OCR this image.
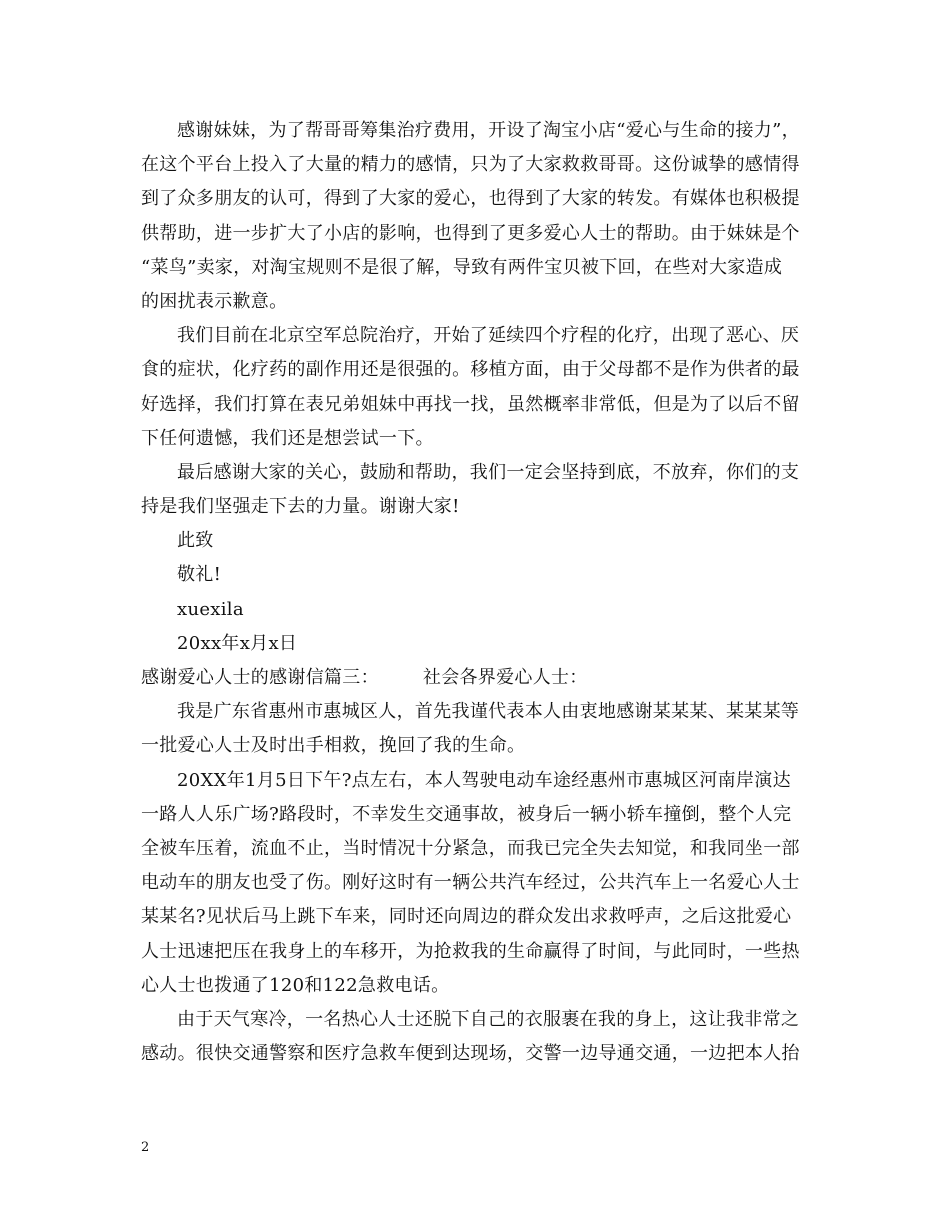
感谢妹妹，为了帮哥哥筹集治疗费用，开设了淘宝小店“爱心与生命的接力”，
在这个平台上投入了大量的精力的感情，只为了大家救救哥哥。这份诚挚的感情得
到了众多朋友的认可，得到了大家的爱心，也得到了大家的转发。有媒体也积极提
供帮助，进一步扩大了小店的影响，也得到了更多爱心人士的帮助。由于妹妹是个
“菜鸟”卖家，对淘宝规则不是很了解，导致有两件宝贝被下回，在些对大家造成
的困扰表示歉意。
我们目前在北京空军总院治疗，开始了延续四个疗程的化疗，出现了恶心、厌
食的症状，化疗药的副作用还是很强的。移植方面，由于父母都不是作为供者的最
好选择，我们打算在表兄弟姐妹中再找一找，虽然概率非常低，但是为了以后不留
下任何遗憾，我们还是想尝试一下。
最后感谢大家的关心，鼓励和帮助，我们一定会坚持到底，不放弃，你们的支
持是我们坚强走下去的力量。谢谢大家!
此致
敬礼!
xuexila
20xx年x月x日
感谢爱心人士的感谢信篇三： 社会各界爱心人士：
我是广东省惠州市惠城区人，首先我谨代表本人由衷地感谢某某某、某某某等
一批爱心人士及时出手相救，挽回了我的生命。
20XX年1月5日下午?点左右，本人驾驶电动车途经惠州市惠城区河南岸演达
一路人人乐广场?路段时，不幸发生交通事故，被身后一辆小轿车撞倒，整个人完
全被车压着，流血不止，当时情况十分紧急，而我已完全失去知觉，和我同坐一部
电动车的朋友也受了伤。刚好这时有一辆公共汽车经过，公共汽车上一名爱心人士
某某名?见状后马上跳下车来，同时还向周边的群众发出求救呼声，之后这批爱心
人士迅速把压在我身上的车移开，为抢救我的生命赢得了时间，与此同时，一些热
心人士也拨通了120和122急救电话。
由于天气寒冷，一名热心人士还脱下自己的衣服裹在我的身上，这让我非常之
感动。很快交通警察和医疗急救车便到达现场，交警一边导通交通，一边把本人抬
2
